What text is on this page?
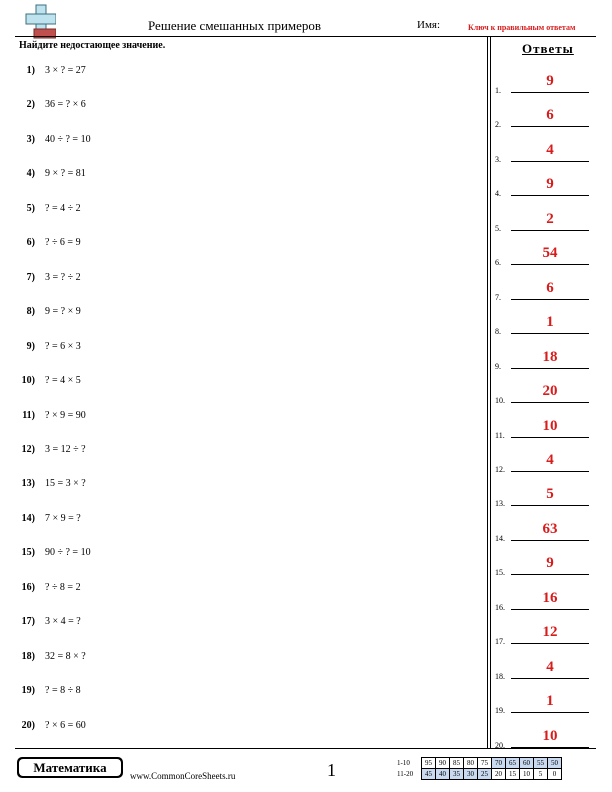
Решение смешанных примеров	Имя:	Ключ к правильным ответам
Найдите недостающее значение.
1) 3 × ? = 27
2) 36 = ? × 6
3) 40 ÷ ? = 10
4) 9 × ? = 81
5) ? = 4 ÷ 2
6) ? ÷ 6 = 9
7) 3 = ? ÷ 2
8) 9 = ? × 9
9) ? = 6 × 3
10) ? = 4 × 5
11) ? × 9 = 90
12) 3 = 12 ÷ ?
13) 15 = 3 × ?
14) 7 × 9 = ?
15) 90 ÷ ? = 10
16) ? ÷ 8 = 2
17) 3 × 4 = ?
18) 32 = 8 × ?
19) ? = 8 ÷ 8
20) ? × 6 = 60
Ответы
1.
9
2.
6
3.
4
4.
9
5.
2
6.
54
7.
6
8.
1
9.
18
10.
20
11.
10
12.
4
13.
5
14.
63
15.
9
16.
16
17.
12
18.
4
19.
1
20.
10
Математика
www.CommonCoreSheets.ru	1	1-10	95	90	85	80	75	70	65	60	55	50
11-20	45	40	35	30	25	20	15	10	5	0
